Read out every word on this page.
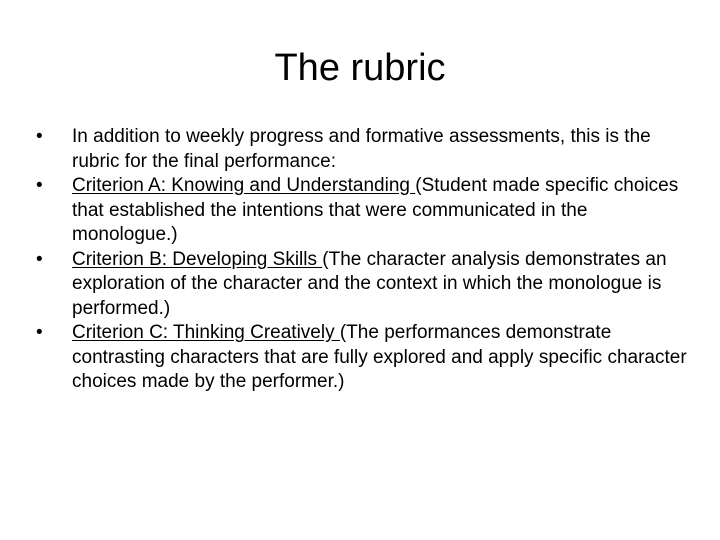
The rubric
•	In addition to weekly progress and formative assessments, this is the rubric for the final performance:
•	Criterion A: Knowing and Understanding (Student made specific choices that established the intentions that were communicated in the monologue.)
•	Criterion B: Developing Skills (The character analysis demonstrates an exploration of the character and the context in which the monologue is performed.)
•	Criterion C: Thinking Creatively (The performances demonstrate contrasting characters that are fully explored and apply specific character choices made by the performer.)
